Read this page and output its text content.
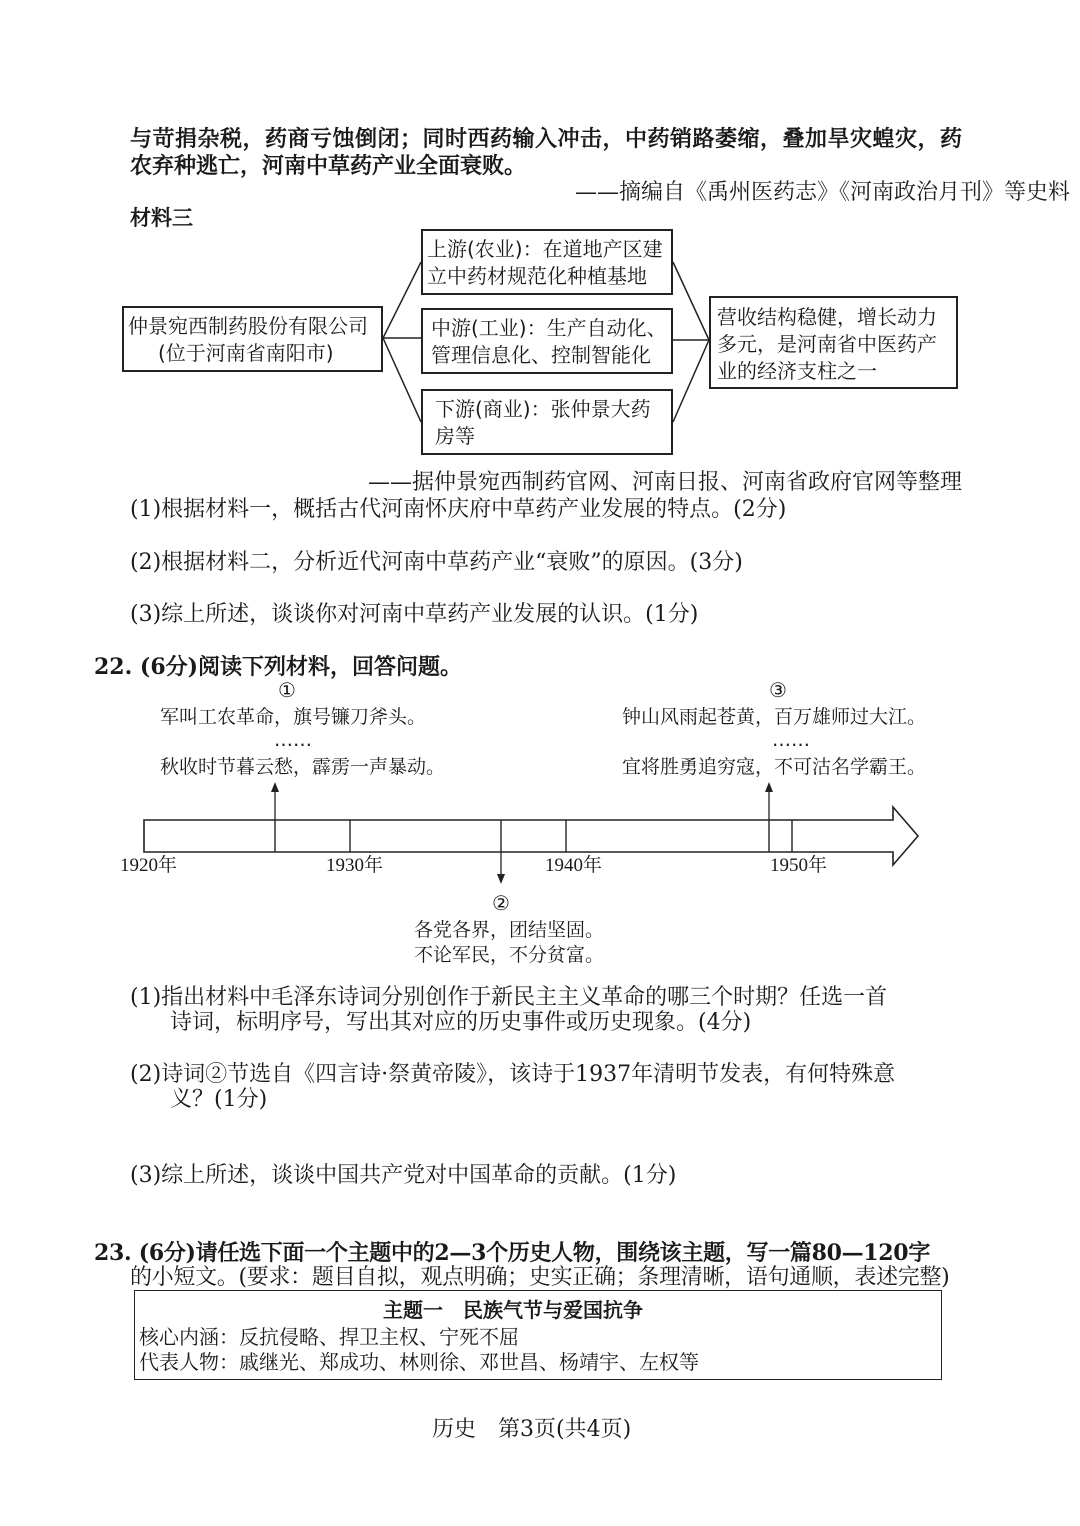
与苛捐杂税，药商亏蚀倒闭；同时西药输入冲击，中药销路萎缩，叠加旱灾蝗灾，药
农弃种逃亡，河南中草药产业全面衰败。
——摘编自《禹州医药志》《河南政治月刊》等史料
材料三
仲景宛西制药股份有限公司
(位于河南省南阳市)
上游(农业)：在道地产区建
立中药材规范化种植基地
中游(工业)：生产自动化、
管理信息化、控制智能化
下游(商业)：张仲景大药
房等
营收结构稳健，增长动力
多元，是河南省中医药产
业的经济支柱之一
——据仲景宛西制药官网、河南日报、河南省政府官网等整理
(1)根据材料一，概括古代河南怀庆府中草药产业发展的特点。(2分)
(2)根据材料二，分析近代河南中草药产业“衰败”的原因。(3分)
(3)综上所述，谈谈你对河南中草药产业发展的认识。(1分)
22. (6分)阅读下列材料，回答问题。
①
军叫工农革命，旗号镰刀斧头。
……
秋收时节暮云愁，霹雳一声暴动。
③
钟山风雨起苍黄，百万雄师过大江。
……
宜将胜勇追穷寇，不可沽名学霸王。
1920年	1930年	1940年	1950年
②
各党各界，团结坚固。
不论军民，不分贫富。
(1)指出材料中毛泽东诗词分别创作于新民主主义革命的哪三个时期？任选一首
诗词，标明序号，写出其对应的历史事件或历史现象。(4分)
(2)诗词②节选自《四言诗·祭黄帝陵》，该诗于1937年清明节发表，有何特殊意
义？(1分)
(3)综上所述，谈谈中国共产党对中国革命的贡献。(1分)
23. (6分)请任选下面一个主题中的2—3个历史人物，围绕该主题，写一篇80—120字
的小短文。(要求：题目自拟，观点明确；史实正确；条理清晰，语句通顺，表述完整)
主题一　民族气节与爱国抗争
核心内涵：反抗侵略、捍卫主权、宁死不屈
代表人物：戚继光、郑成功、林则徐、邓世昌、杨靖宇、左权等
历史　第3页(共4页)
